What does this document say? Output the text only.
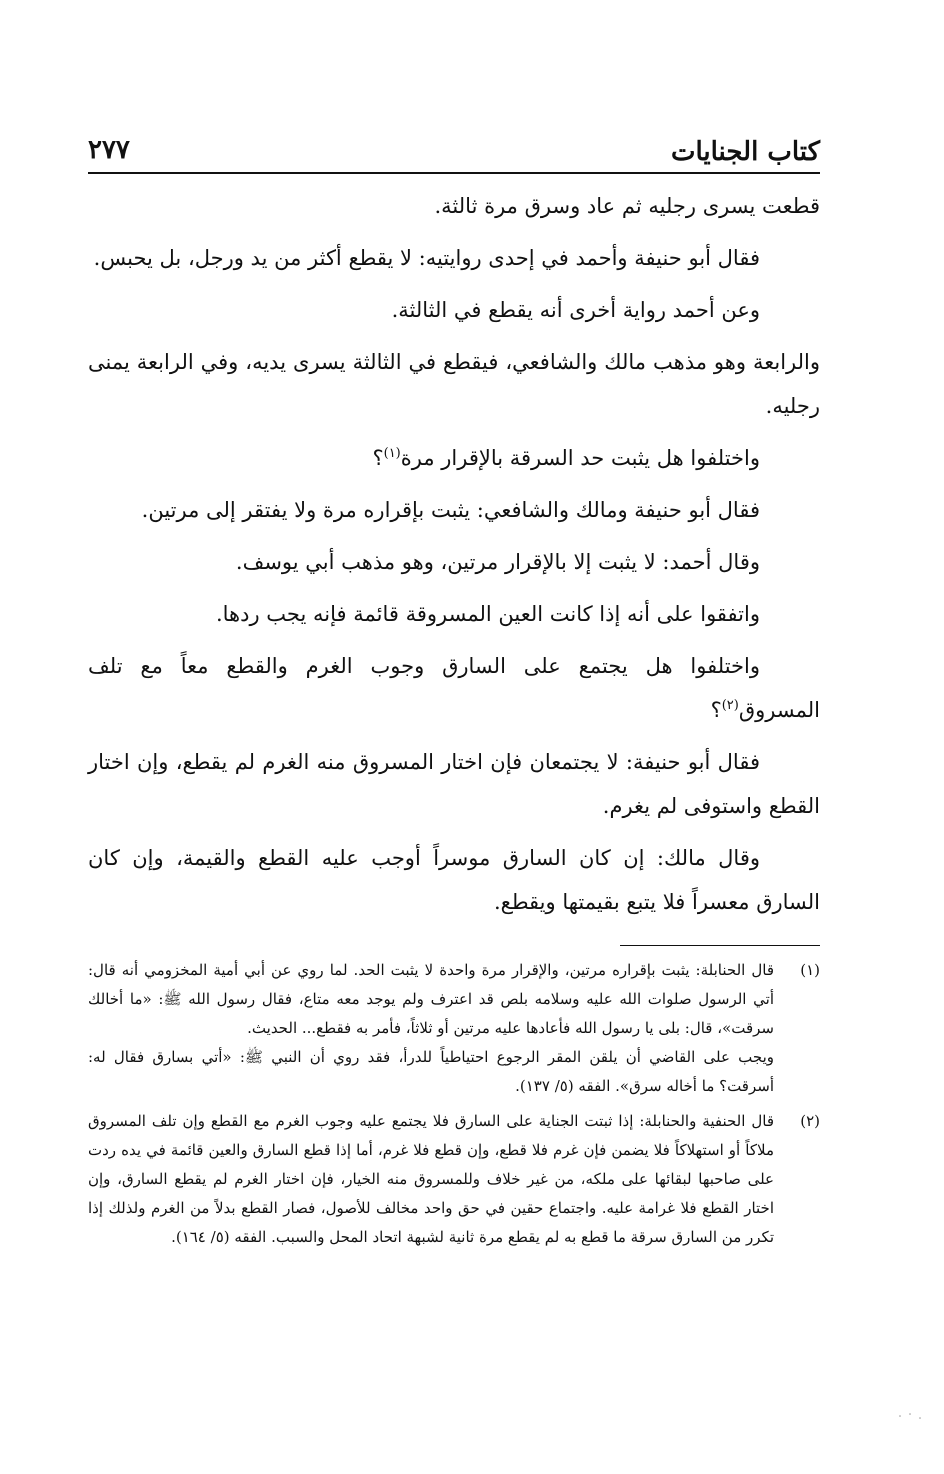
كتاب الجنايات
٢٧٧

قطعت يسرى رجليه ثم عاد وسرق مرة ثالثة.

فقال أبو حنيفة وأحمد في إحدى روايتيه: لا يقطع أكثر من يد ورجل، بل يحبس.

وعن أحمد رواية أخرى أنه يقطع في الثالثة.

والرابعة وهو مذهب مالك والشافعي، فيقطع في الثالثة يسرى يديه، وفي الرابعة يمنى رجليه.

واختلفوا هل يثبت حد السرقة بالإقرار مرة$^{(١)}$؟

فقال أبو حنيفة ومالك والشافعي: يثبت بإقراره مرة ولا يفتقر إلى مرتين.

وقال أحمد: لا يثبت إلا بالإقرار مرتين، وهو مذهب أبي يوسف.

واتفقوا على أنه إذا كانت العين المسروقة قائمة فإنه يجب ردها.

واختلفوا هل يجتمع على السارق وجوب الغرم والقطع معاً مع تلف المسروق$^{(٢)}$؟

فقال أبو حنيفة: لا يجتمعان فإن اختار المسروق منه الغرم لم يقطع، وإن اختار القطع واستوفى لم يغرم.

وقال مالك: إن كان السارق موسراً أوجب عليه القطع والقيمة، وإن كان السارق معسراً فلا يتبع بقيمتها ويقطع.

(١)

قال الحنابلة: يثبت بإقراره مرتين، والإقرار مرة واحدة لا يثبت الحد. لما روي عن أبي أمية المخزومي أنه قال: أتي الرسول صلوات الله عليه وسلامه بلص قد اعترف ولم يوجد معه متاع، فقال رسول الله ﷺ: «ما أخالك سرقت»، قال: بلى يا رسول الله فأعادها عليه مرتين أو ثلاثاً، فأمر به فقطع... الحديث.

ويجب على القاضي أن يلقن المقر الرجوع احتياطياً للدرأ، فقد روي أن النبي ﷺ: «أتي بسارق فقال له: أسرقت؟ ما أخاله سرق». الفقه (٥/ ١٣٧).

(٢)

قال الحنفية والحنابلة: إذا ثبتت الجناية على السارق فلا يجتمع عليه وجوب الغرم مع القطع وإن تلف المسروق ملاكاً أو استهلاكاً فلا يضمن فإن غرم فلا قطع، وإن قطع فلا غرم، أما إذا قطع السارق والعين قائمة في يده ردت على صاحبها لبقائها على ملكه، من غير خلاف وللمسروق منه الخيار، فإن اختار الغرم لم يقطع السارق، وإن اختار القطع فلا غرامة عليه. واجتماع حقين في حق واحد مخالف للأصول، فصار القطع بدلاً من الغرم ولذلك إذا تكرر من السارق سرقة ما قطع به لم يقطع مرة ثانية لشبهة اتحاد المحل والسبب. الفقه (٥/ ١٦٤).
